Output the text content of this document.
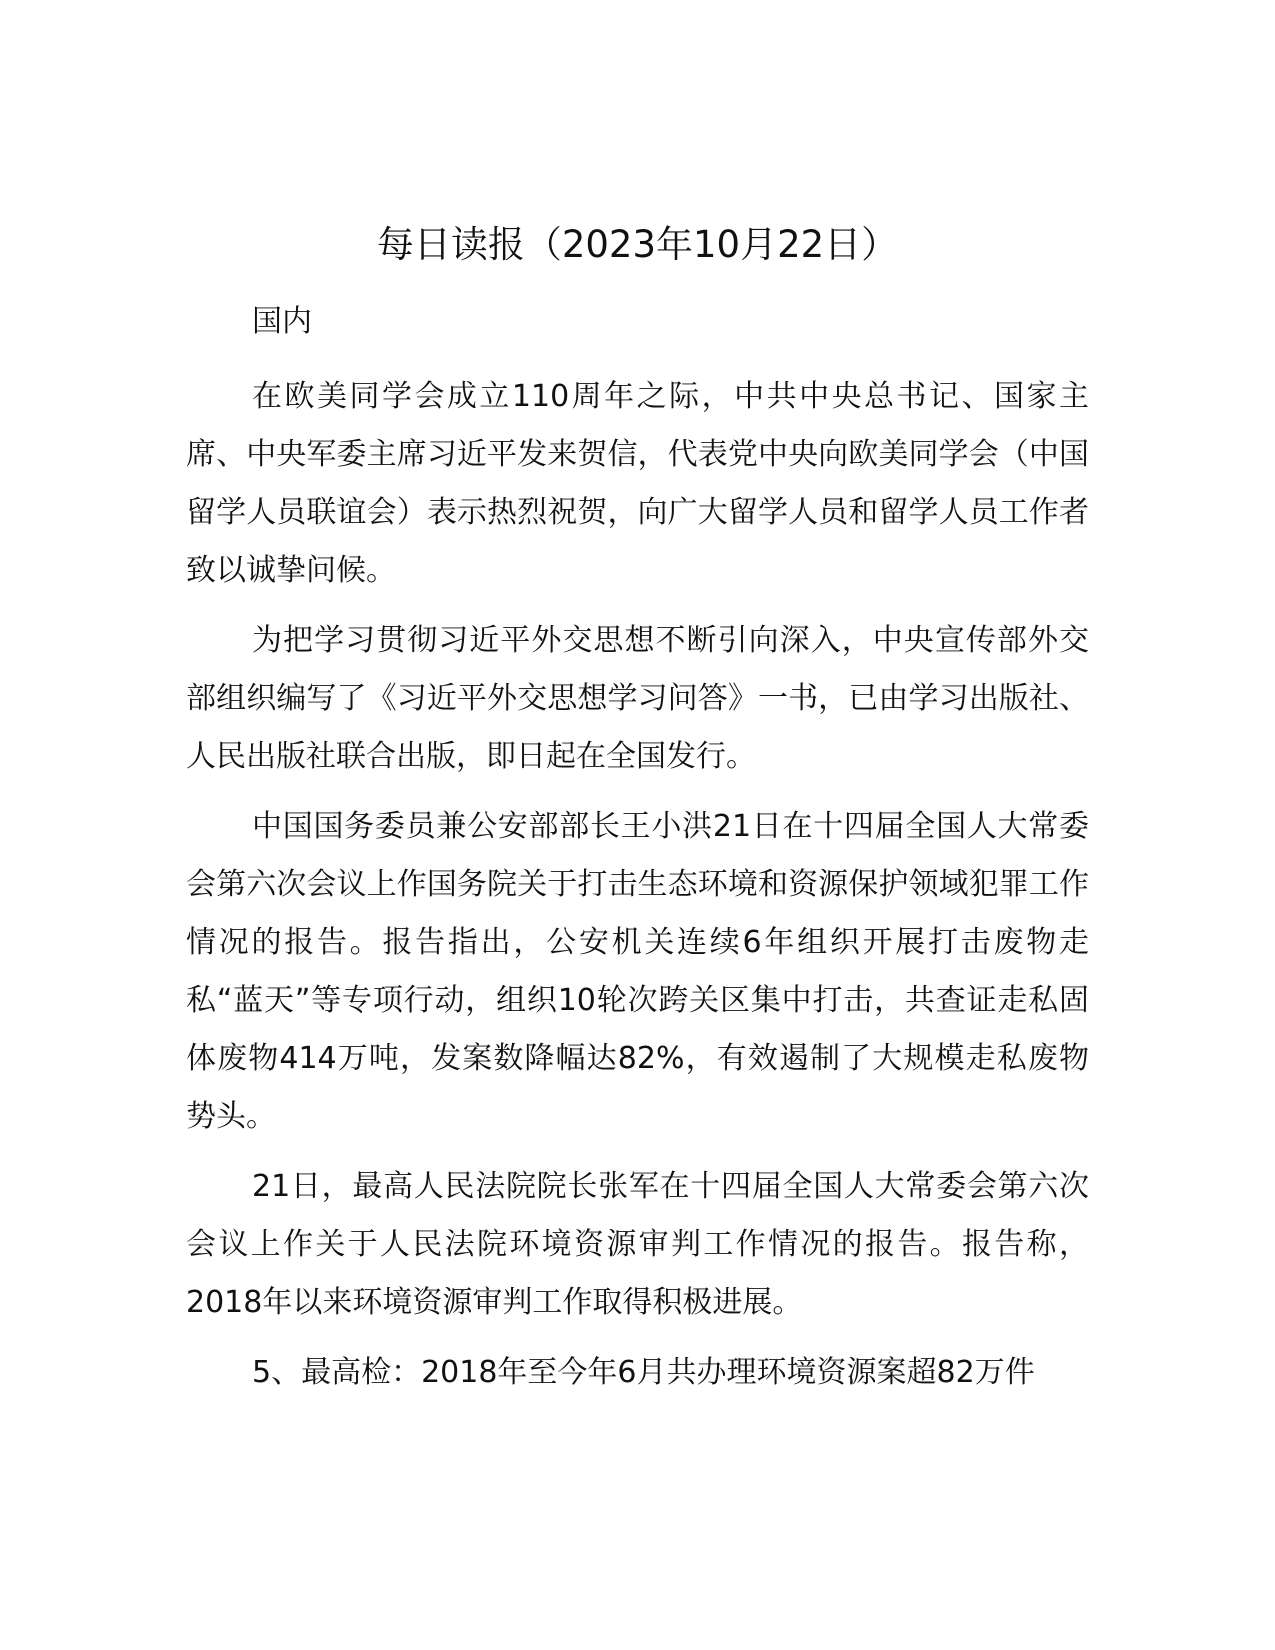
每日读报（2023年10月22日）

国内

在欧美同学会成立110周年之际，中共中央总书记、国家主席、中央军委主席习近平发来贺信，代表党中央向欧美同学会（中国留学人员联谊会）表示热烈祝贺，向广大留学人员和留学人员工作者致以诚挚问候。

为把学习贯彻习近平外交思想不断引向深入，中央宣传部外交部组织编写了《习近平外交思想学习问答》一书，已由学习出版社、人民出版社联合出版，即日起在全国发行。

中国国务委员兼公安部部长王小洪21日在十四届全国人大常委会第六次会议上作国务院关于打击生态环境和资源保护领域犯罪工作情况的报告。报告指出，公安机关连续6年组织开展打击废物走私“蓝天”等专项行动，组织10轮次跨关区集中打击，共查证走私固体废物414万吨，发案数降幅达82%，有效遏制了大规模走私废物势头。

21日，最高人民法院院长张军在十四届全国人大常委会第六次会议上作关于人民法院环境资源审判工作情况的报告。报告称，2018年以来环境资源审判工作取得积极进展。

5、最高检：2018年至今年6月共办理环境资源案超82万件
